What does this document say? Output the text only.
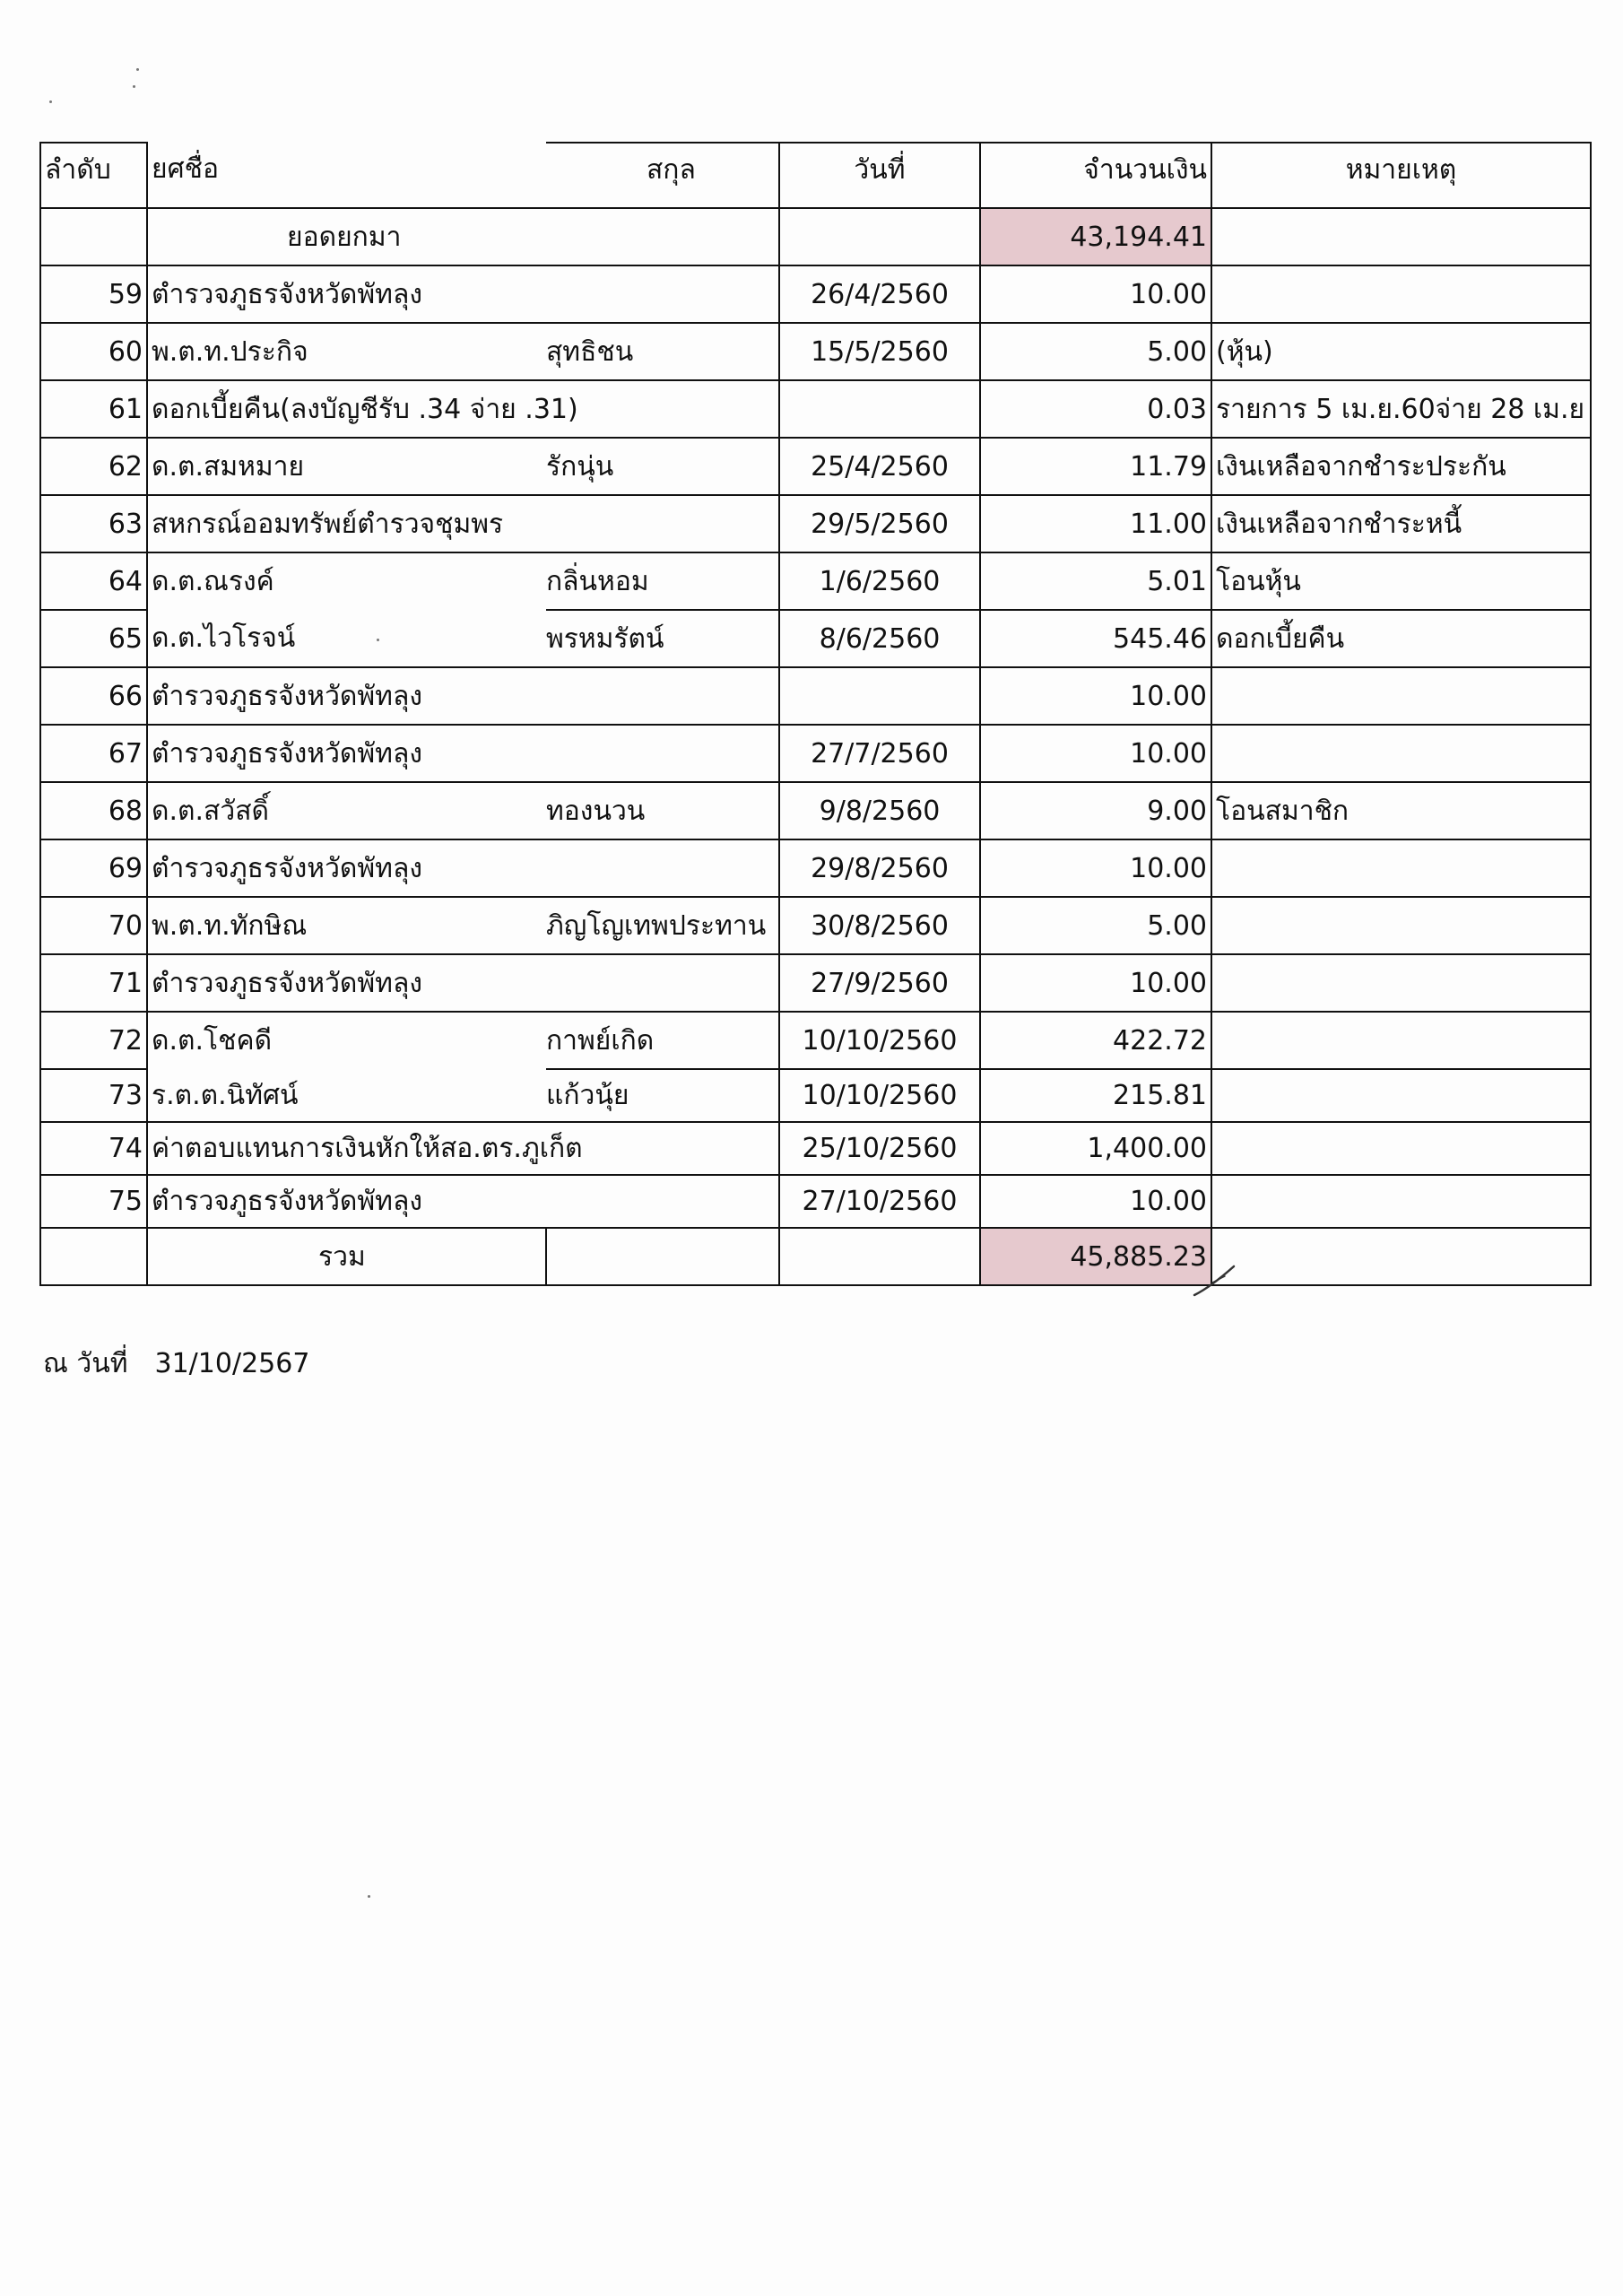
ลำดับ	ยศชื่อ	สกุล	วันที่	จำนวนเงิน	หมายเหตุ
	ยอดยกมา			43,194.41	
59	ตำรวจภูธรจังหวัดพัทลุง		26/4/2560	10.00	
60	พ.ต.ท.ประกิจ	สุทธิชน	15/5/2560	5.00	(หุ้น)
61	ดอกเบี้ยคืน(ลงบัญชีรับ .34 จ่าย .31)			0.03	รายการ 5 เม.ย.60จ่าย 28 เม.ย
62	ด.ต.สมหมาย	รักนุ่น	25/4/2560	11.79	เงินเหลือจากชำระประกัน
63	สหกรณ์ออมทรัพย์ตำรวจชุมพร		29/5/2560	11.00	เงินเหลือจากชำระหนี้
64	ด.ต.ณรงค์	กลิ่นหอม	1/6/2560	5.01	โอนหุ้น
65	ด.ต.ไวโรจน์	พรหมรัตน์	8/6/2560	545.46	ดอกเบี้ยคืน
66	ตำรวจภูธรจังหวัดพัทลุง			10.00	
67	ตำรวจภูธรจังหวัดพัทลุง		27/7/2560	10.00	
68	ด.ต.สวัสดิ์	ทองนวน	9/8/2560	9.00	โอนสมาชิก
69	ตำรวจภูธรจังหวัดพัทลุง		29/8/2560	10.00	
70	พ.ต.ท.ทักษิณ	ภิญโญเทพประทาน	30/8/2560	5.00	
71	ตำรวจภูธรจังหวัดพัทลุง		27/9/2560	10.00	
72	ด.ต.โชคดี	กาพย์เกิด	10/10/2560	422.72	
73	ร.ต.ต.นิทัศน์	แก้วนุ้ย	10/10/2560	215.81	
74	ค่าตอบแทนการเงินหักให้สอ.ตร.ภูเก็ต		25/10/2560	1,400.00	
75	ตำรวจภูธรจังหวัดพัทลุง		27/10/2560	10.00	
	รวม			45,885.23	
ณ วันที่ 31/10/2567
